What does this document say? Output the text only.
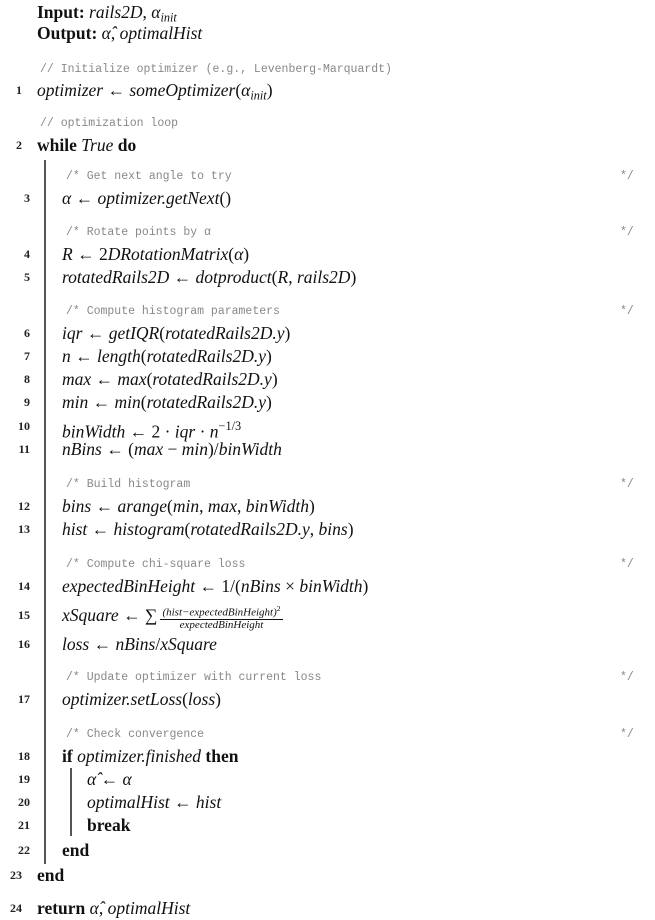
Input: rails2D, $\alpha_{init}$
Output: α̂, optimalHist
// Initialize optimizer (e.g., Levenberg-Marquardt)
1 optimizer ← $someOptimizer(\alpha_{init})$
// optimization loop
2 while True do
/* Get next angle to try	*/
3 α ← optimizer.getNext()
/* Rotate points by α	*/
4 R ← 2DRotationMatrix(α)
5 rotatedRails2D ← dotproduct(R, rails2D)
/* Compute histogram parameters	*/
6 iqr ← getIQR(rotatedRails2D.y)
7 n ← length(rotatedRails2D.y)
8 max ← max(rotatedRails2D.y)
9 min ← min(rotatedRails2D.y)
10 binWidth ← 2 · iqr · $n^{-1/3}$
11 nBins ← (max − min)/binWidth
/* Build histogram	*/
12 bins ← arange(min, max, binWidth)
13 hist ← histogram(rotatedRails2D.y, bins)
/* Compute chi-square loss	*/
14 expectedBinHeight ← 1/(nBins × binWidth)
15 xSquare ← ∑ $\frac{(hist-expectedBinHeight)^2}{\text{expectedBinHeight}}$
16 loss ← nBins/xSquare
/* Update optimizer with current loss	*/
17 optimizer.setLoss(loss)
/* Check convergence	*/
18 if optimizer.finished then
19	α̂ ← α
20	optimalHist ← hist
21	break
22 end
23 end
24 return α̂, optimalHist
